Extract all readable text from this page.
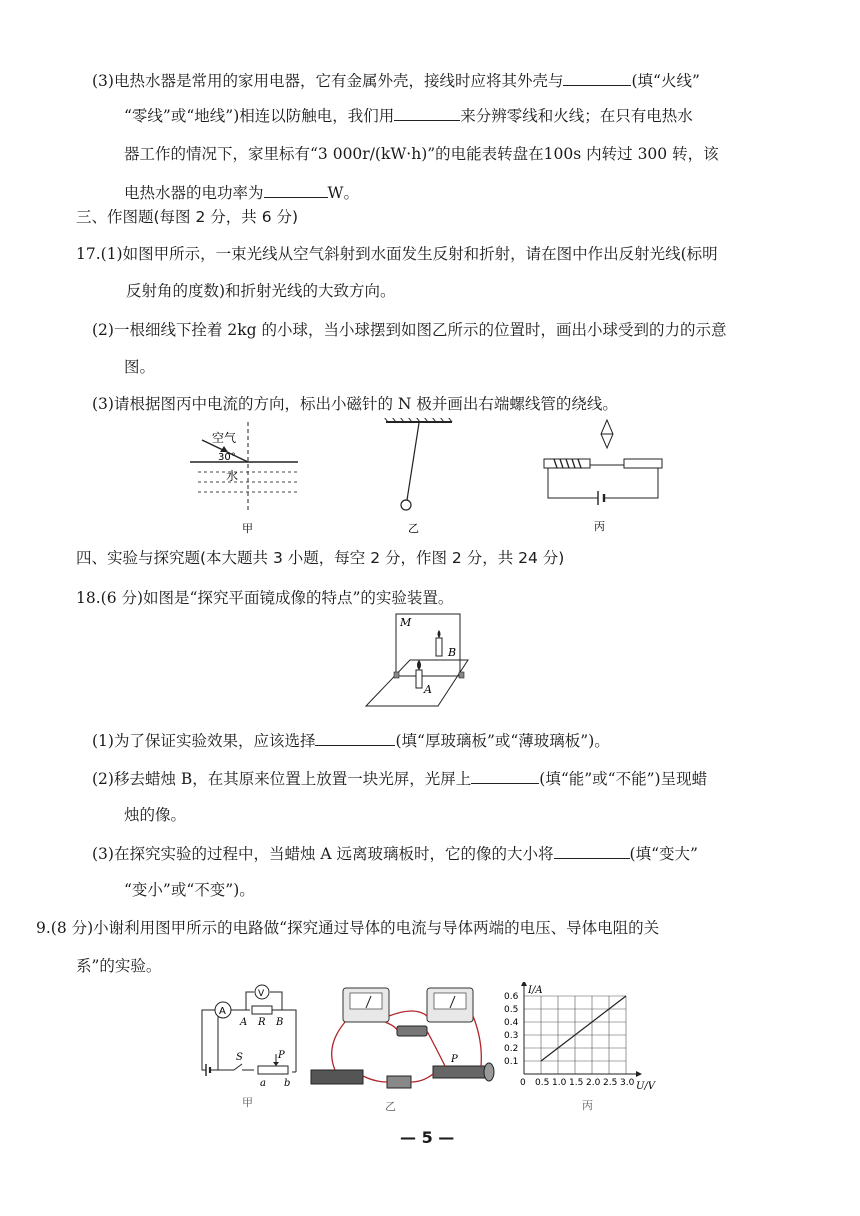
(3)电热水器是常用的家用电器，它有金属外壳，接线时应将其外壳与	(填“火线”
“零线”或“地线”)相连以防触电，我们用	来分辨零线和火线；在只有电热水
器工作的情况下，家里标有“3 000r/(kW·h)”的电能表转盘在100s 内转过 300 转，该
电热水器的电功率为	W。
三、作图题(每图 2 分，共 6 分)
17.(1)如图甲所示，一束光线从空气斜射到水面发生反射和折射，请在图中作出反射光线(标明
反射角的度数)和折射光线的大致方向。
(2)一根细线下拴着 2kg 的小球，当小球摆到如图乙所示的位置时，画出小球受到的力的示意
图。
(3)请根据图丙中电流的方向，标出小磁针的 N 极并画出右端螺线管的绕线。
空气
30°
水
甲	乙	丙
四、实验与探究题(本大题共 3 小题，每空 2 分，作图 2 分，共 24 分)
18.(6 分)如图是“探究平面镜成像的特点”的实验装置。
M
B
A
(1)为了保证实验效果，应该选择	(填“厚玻璃板”或“薄玻璃板”)。
(2)移去蜡烛 B，在其原来位置上放置一块光屏，光屏上	(填“能”或“不能”)呈现蜡
烛的像。
(3)在探究实验的过程中，当蜡烛 A 远离玻璃板时，它的像的大小将	(填“变大”
“变小”或“不变”)。
9.(8 分)小谢利用图甲所示的电路做“探究通过导体的电流与导体两端的电压、导体电阻的关
系”的实验。
A
V
A R B
S	P
a b
甲
P
乙
0 0.5 1.0 1.5 2.0 2.5 3.0
0.1
0.2
0.3
0.4
0.5
0.6
I/A
U/V
丙
— 5 —
